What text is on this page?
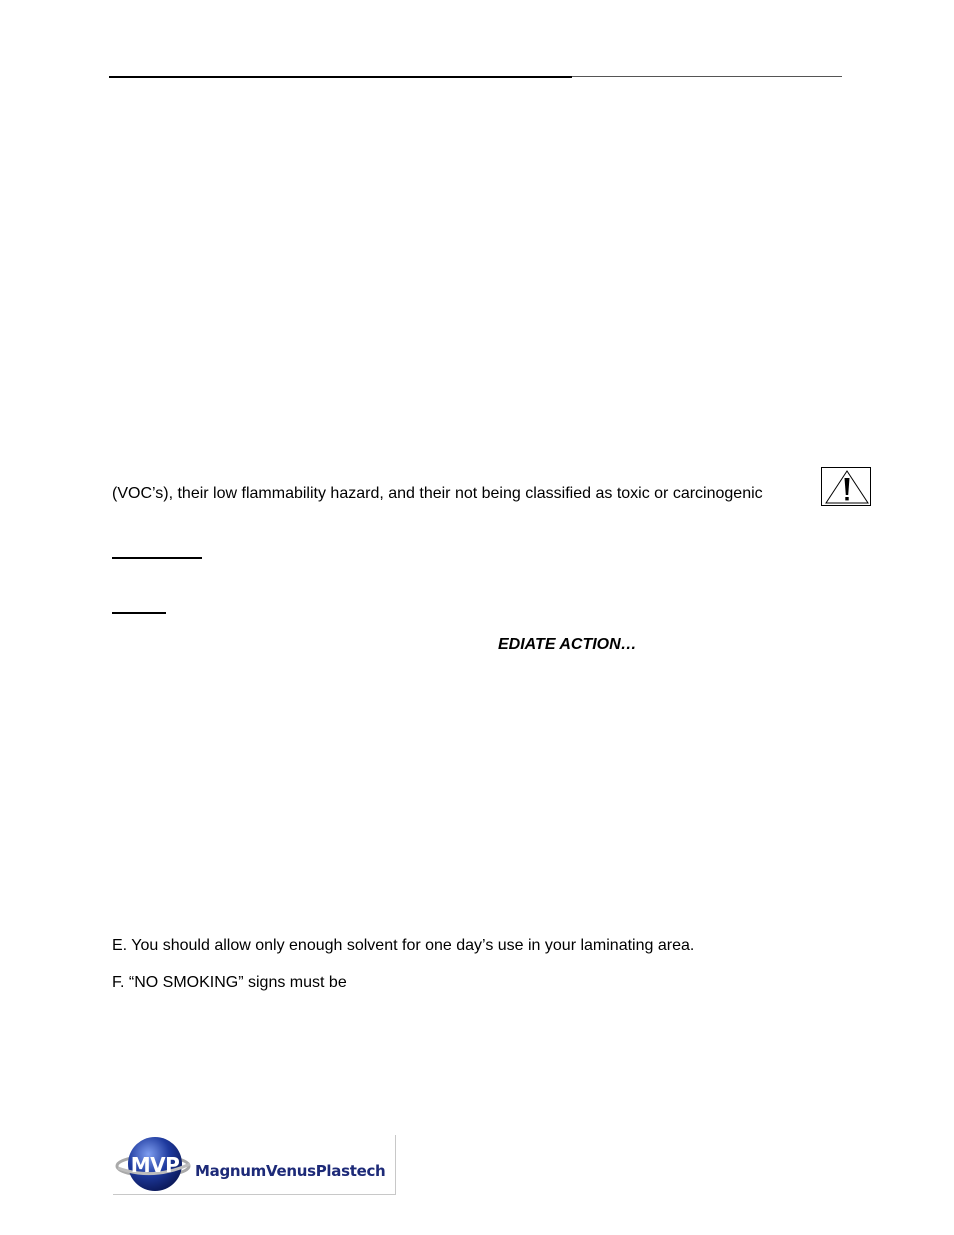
(VOC’s), their low flammability hazard, and their not being classified as toxic or carcinogenic
EDIATE ACTION…
E. You should allow only enough solvent for one day’s use in your laminating area.
F. “NO SMOKING” signs must be
MVP	MagnumVenusPlastech
